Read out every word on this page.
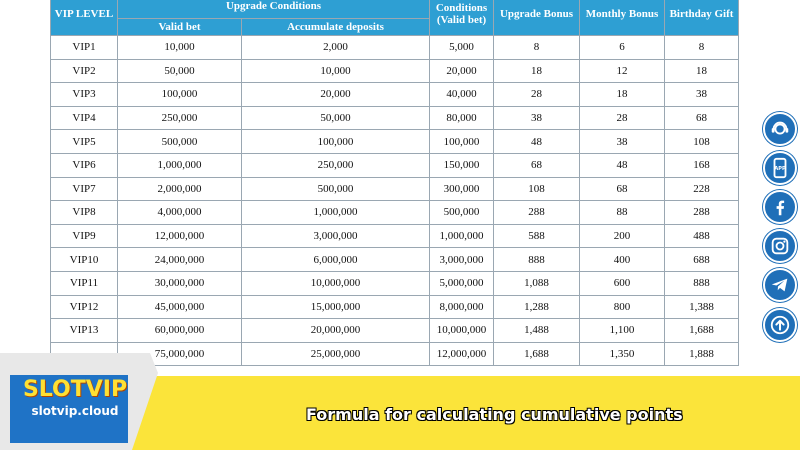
VIP LEVEL	Upgrade Conditions		Conditions (Valid bet)	Upgrade Bonus	Monthly Bonus	Birthday Gift
	Valid bet	Accumulate deposits				
VIP1	10,000	2,000	5,000	8	6	8
VIP2	50,000	10,000	20,000	18	12	18
VIP3	100,000	20,000	40,000	28	18	38
VIP4	250,000	50,000	80,000	38	28	68
VIP5	500,000	100,000	100,000	48	38	108
VIP6	1,000,000	250,000	150,000	68	48	168
VIP7	2,000,000	500,000	300,000	108	68	228
VIP8	4,000,000	1,000,000	500,000	288	88	288
VIP9	12,000,000	3,000,000	1,000,000	588	200	488
VIP10	24,000,000	6,000,000	3,000,000	888	400	688
VIP11	30,000,000	10,000,000	5,000,000	1,088	600	888
VIP12	45,000,000	15,000,000	8,000,000	1,288	800	1,388
VIP13	60,000,000	20,000,000	10,000,000	1,488	1,100	1,688
	75,000,000	25,000,000	12,000,000	1,688	1,350	1,888
SLOTVIP
slotvip.cloud	Formula for calculating cumulative points
APP
